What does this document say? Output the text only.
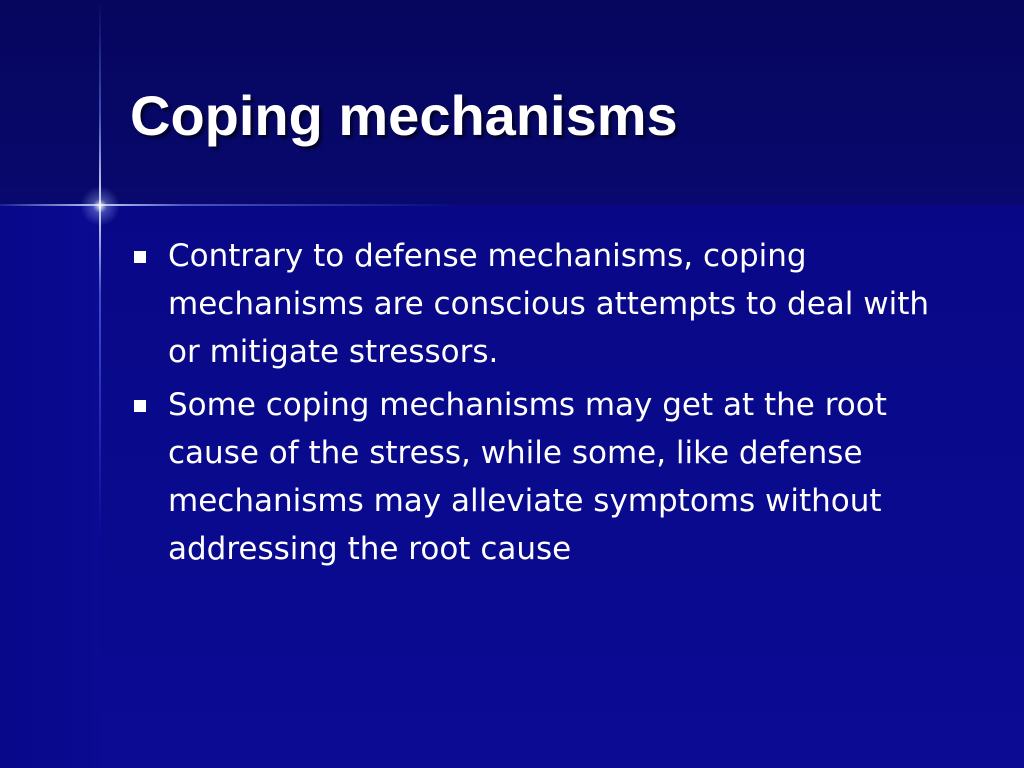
Coping mechanisms
Contrary to defense mechanisms, coping mechanisms are conscious attempts to deal with or mitigate stressors.
Some coping mechanisms may get at the root cause of the stress, while some, like defense mechanisms may alleviate symptoms without addressing the root cause
